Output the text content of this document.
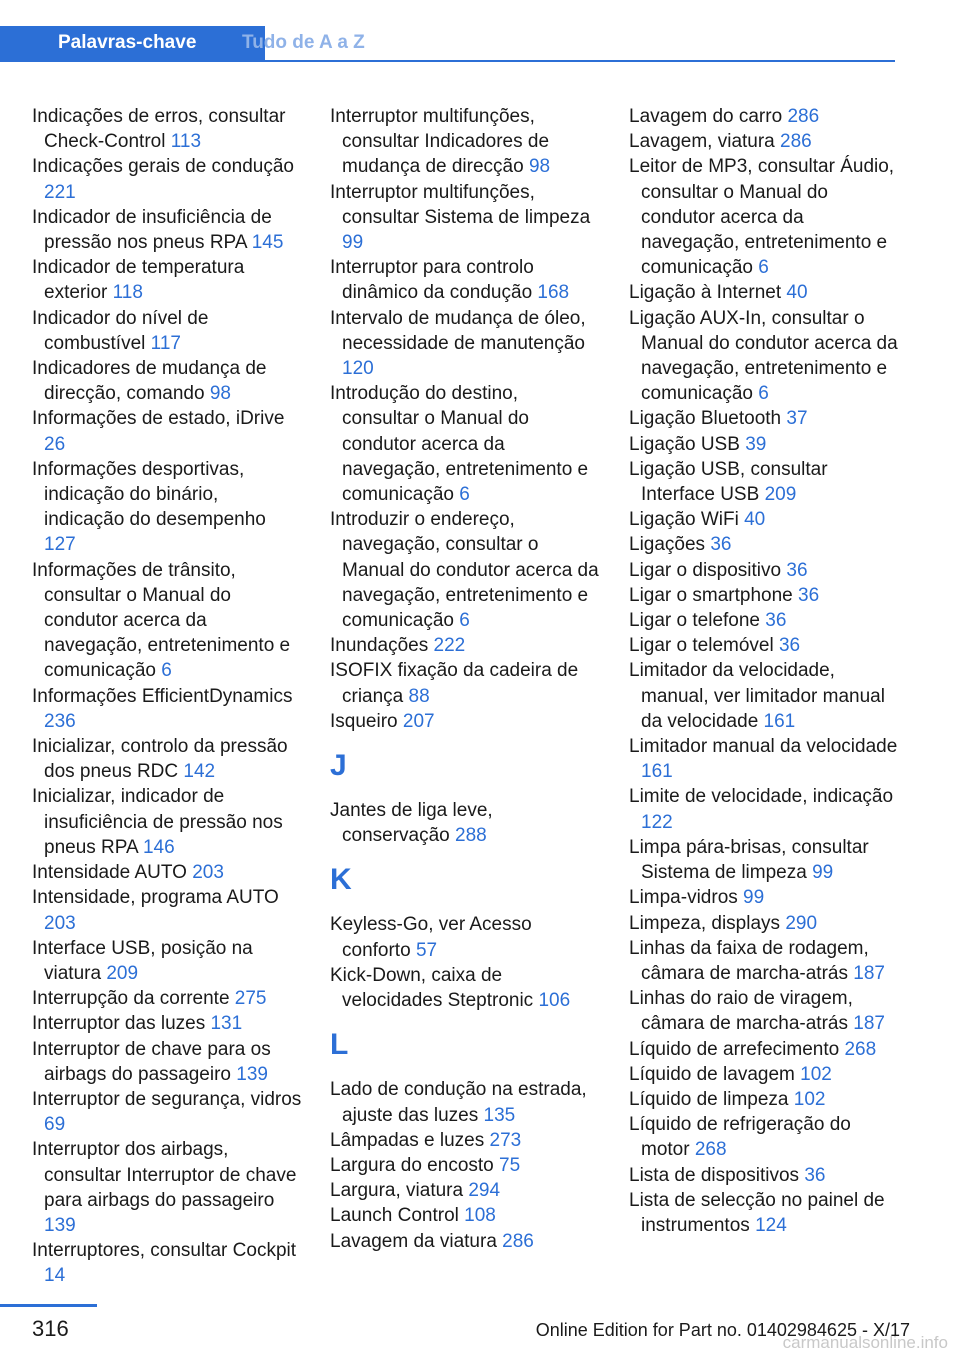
Palavras-chave	Tudo de A a Z
Indicações de erros, consultar Check-Control 113
Indicações gerais de condução 221
Indicador de insuficiência de pressão nos pneus RPA 145
Indicador de temperatura exterior 118
Indicador do nível de combustível 117
Indicadores de mudança de direcção, comando 98
Informações de estado, iDrive 26
Informações desportivas, indicação do binário, indicação do desempenho 127
Informações de trânsito, consultar o Manual do condutor acerca da navegação, entretenimento e comunicação 6
Informações EfficientDynamics 236
Inicializar, controlo da pressão dos pneus RDC 142
Inicializar, indicador de insuficiência de pressão nos pneus RPA 146
Intensidade AUTO 203
Intensidade, programa AUTO 203
Interface USB, posição na viatura 209
Interrupção da corrente 275
Interruptor das luzes 131
Interruptor de chave para os airbags do passageiro 139
Interruptor de segurança, vidros 69
Interruptor dos airbags, consultar Interruptor de chave para airbags do passageiro 139
Interruptores, consultar Cockpit 14
Interruptor multifunções, consultar Indicadores de mudança de direcção 98
Interruptor multifunções, consultar Sistema de limpeza 99
Interruptor para controlo dinâmico da condução 168
Intervalo de mudança de óleo, necessidade de manutenção 120
Introdução do destino, consultar o Manual do condutor acerca da navegação, entretenimento e comunicação 6
Introduzir o endereço, navegação, consultar o Manual do condutor acerca da navegação, entretenimento e comunicação 6
Inundações 222
ISOFIX fixação da cadeira de criança 88
Isqueiro 207
J
Jantes de liga leve, conservação 288
K
Keyless-Go, ver Acesso conforto 57
Kick-Down, caixa de velocidades Steptronic 106
L
Lado de condução na estrada, ajuste das luzes 135
Lâmpadas e luzes 273
Largura do encosto 75
Largura, viatura 294
Launch Control 108
Lavagem da viatura 286
Lavagem do carro 286
Lavagem, viatura 286
Leitor de MP3, consultar Áudio, consultar o Manual do condutor acerca da navegação, entretenimento e comunicação 6
Ligação à Internet 40
Ligação AUX-In, consultar o Manual do condutor acerca da navegação, entretenimento e comunicação 6
Ligação Bluetooth 37
Ligação USB 39
Ligação USB, consultar Interface USB 209
Ligação WiFi 40
Ligações 36
Ligar o dispositivo 36
Ligar o smartphone 36
Ligar o telefone 36
Ligar o telemóvel 36
Limitador da velocidade, manual, ver limitador manual da velocidade 161
Limitador manual da velocidade 161
Limite de velocidade, indicação 122
Limpa pára-brisas, consultar Sistema de limpeza 99
Limpa-vidros 99
Limpeza, displays 290
Linhas da faixa de rodagem, câmara de marcha-atrás 187
Linhas do raio de viragem, câmara de marcha-atrás 187
Líquido de arrefecimento 268
Líquido de lavagem 102
Líquido de limpeza 102
Líquido de refrigeração do motor 268
Lista de dispositivos 36
Lista de selecção no painel de instrumentos 124
316	Online Edition for Part no. 01402984625 - X/17
carmanualsonline.info
